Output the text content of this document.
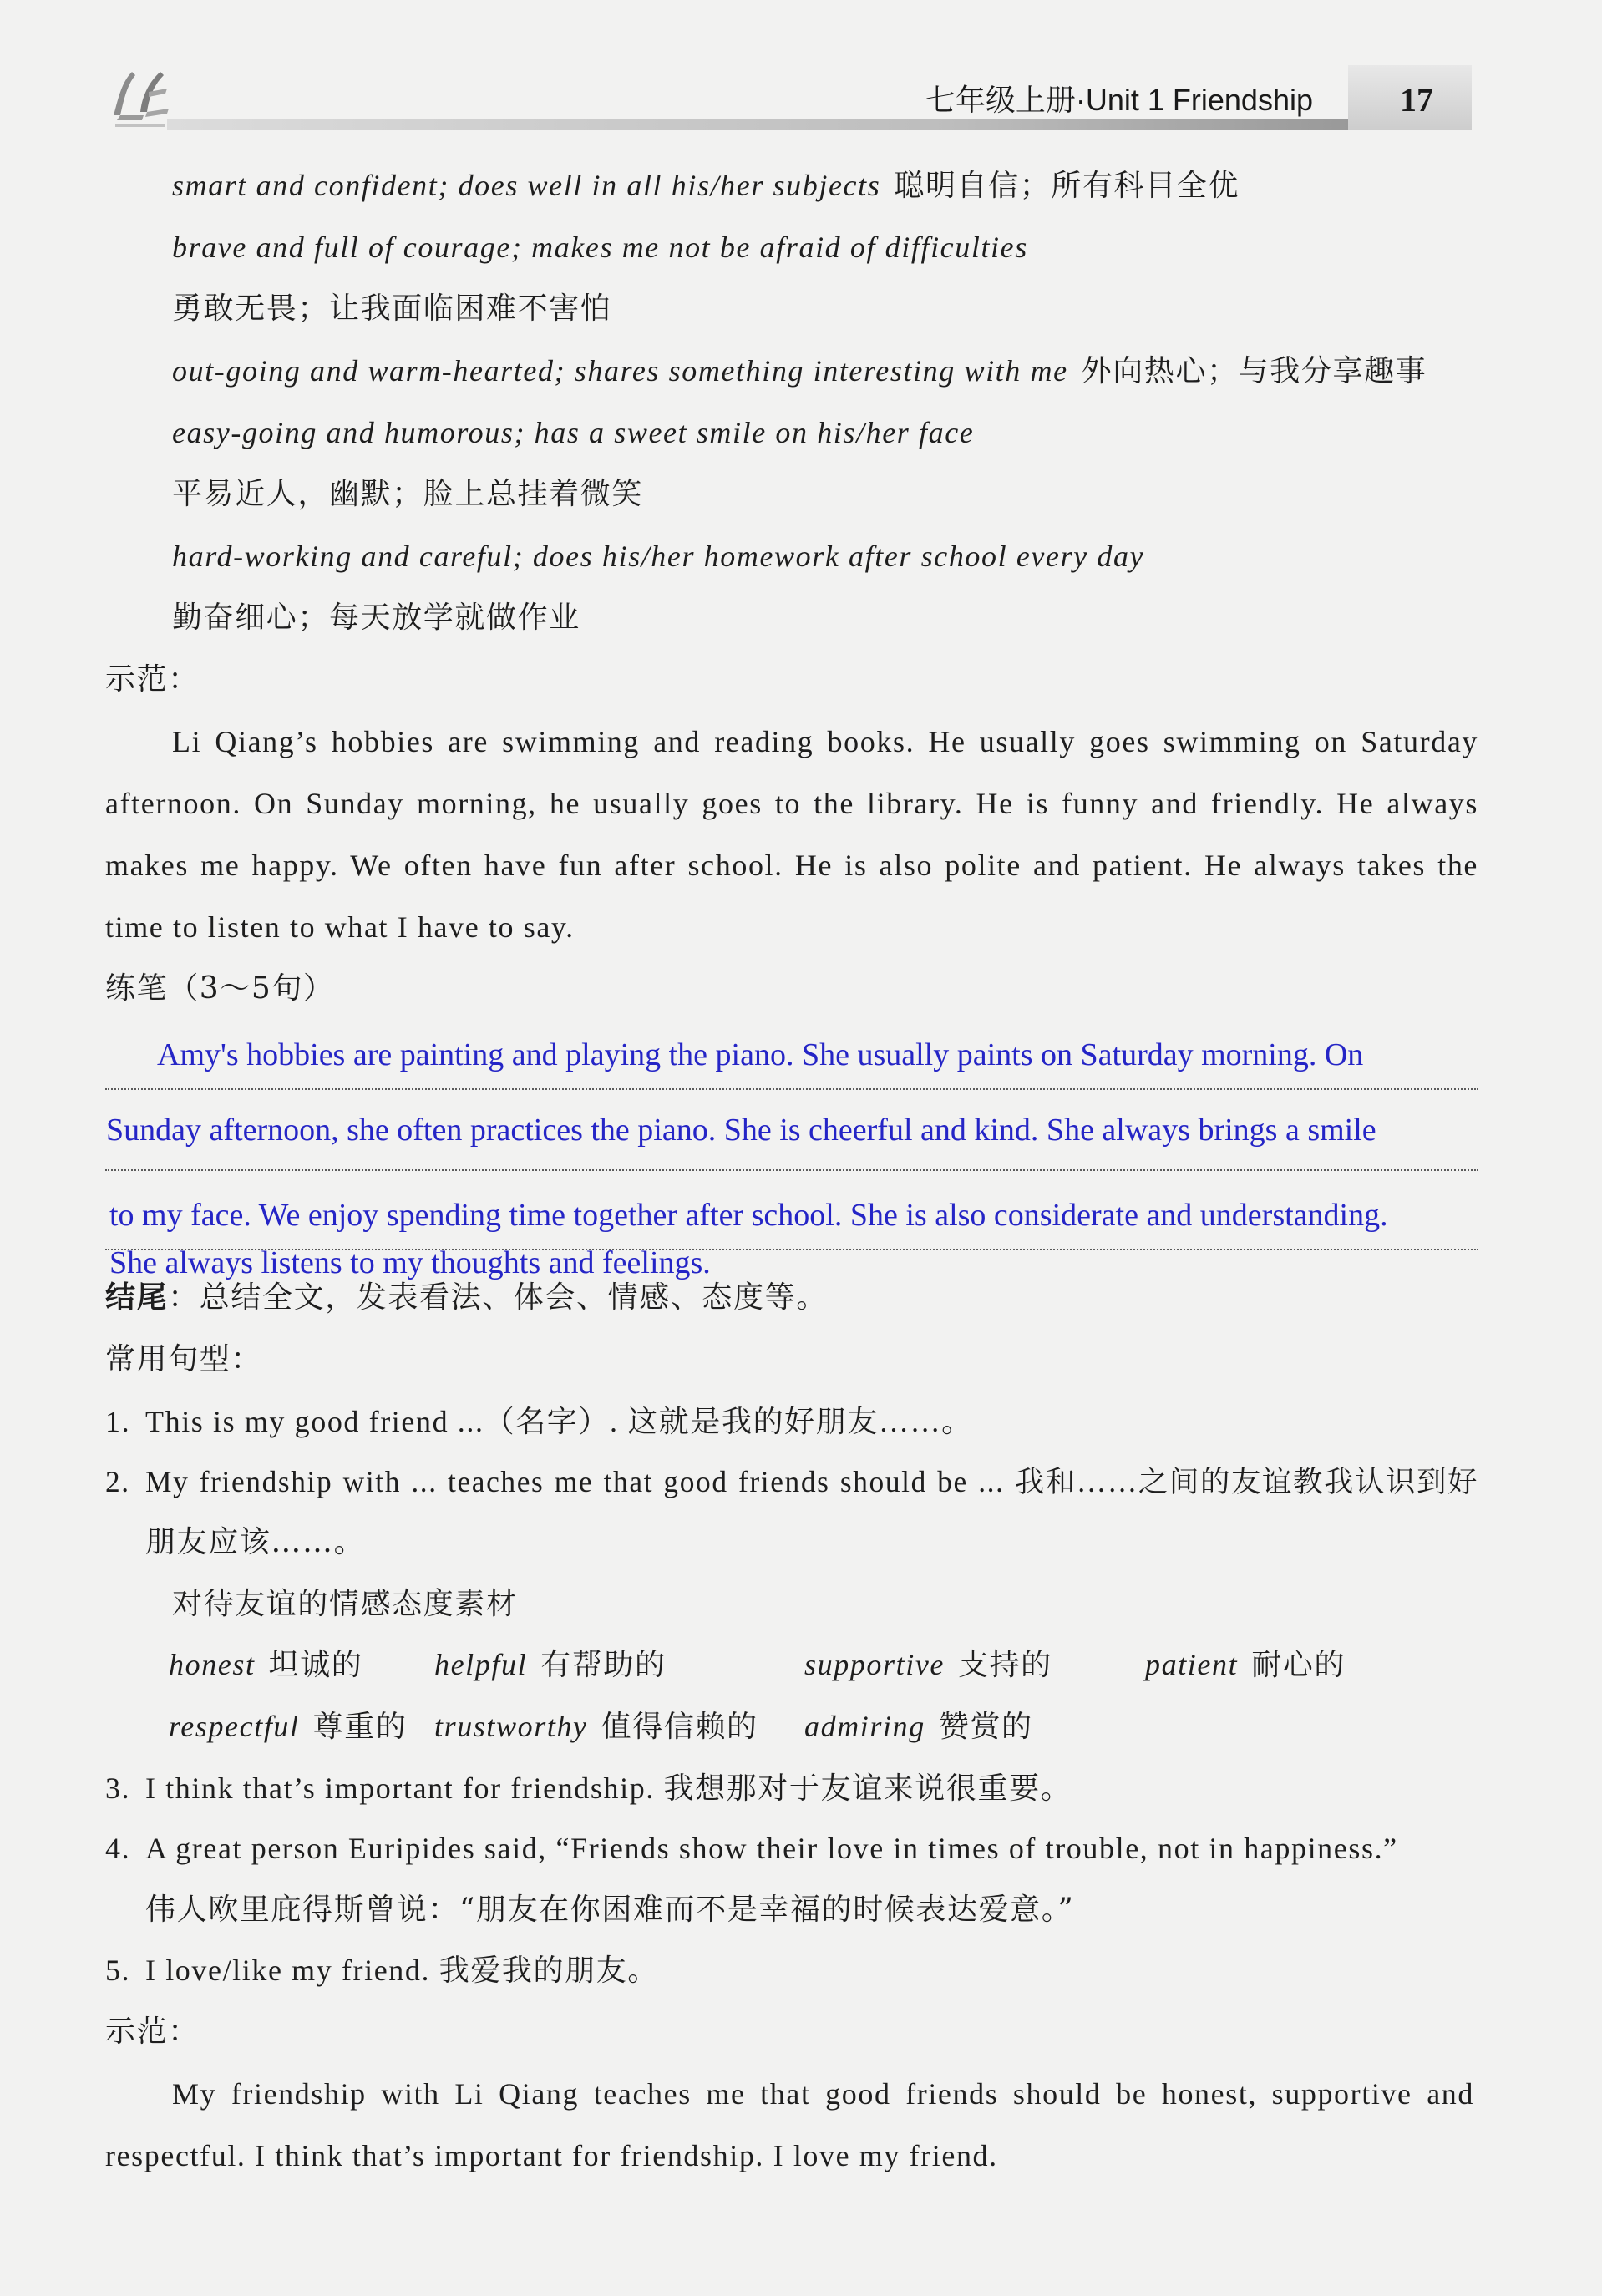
七年级上册·Unit 1 Friendship	17
smart and confident; does well in all his/her subjects 聪明自信；所有科目全优
brave and full of courage; makes me not be afraid of difficulties
勇敢无畏；让我面临困难不害怕
out-going and warm-hearted; shares something interesting with me 外向热心；与我分享趣事
easy-going and humorous; has a sweet smile on his/her face
平易近人，幽默；脸上总挂着微笑
hard-working and careful; does his/her homework after school every day
勤奋细心；每天放学就做作业
示范：
Li Qiang’s hobbies are swimming and reading books. He usually goes swimming on Saturday
afternoon. On Sunday morning, he usually goes to the library. He is funny and friendly. He always
makes me happy. We often have fun after school. He is also polite and patient. He always takes the
time to listen to what I have to say.
练笔（3～5句）
Amy's hobbies are painting and playing the piano. She usually paints on Saturday morning. On
Sunday afternoon, she often practices the piano. She is cheerful and kind. She always brings a smile
to my face. We enjoy spending time together after school. She is also considerate and understanding.
She always listens to my thoughts and feelings.
结尾：总结全文，发表看法、体会、情感、态度等。
常用句型：
1. This is my good friend ...（名字）. 这就是我的好朋友……。
2. My friendship with ... teaches me that good friends should be ... 我和……之间的友谊教我认识到好
朋友应该……。
对待友谊的情感态度素材
honest 坦诚的	helpful 有帮助的	supportive 支持的	patient 耐心的
respectful 尊重的 trustworthy 值得信赖的	admiring 赞赏的
3. I think that’s important for friendship. 我想那对于友谊来说很重要。
4. A great person Euripides said, “Friends show their love in times of trouble, not in happiness.”
伟人欧里庇得斯曾说：“朋友在你困难而不是幸福的时候表达爱意。”
5. I love/like my friend. 我爱我的朋友。
示范：
My friendship with Li Qiang teaches me that good friends should be honest, supportive and
respectful. I think that’s important for friendship. I love my friend.
